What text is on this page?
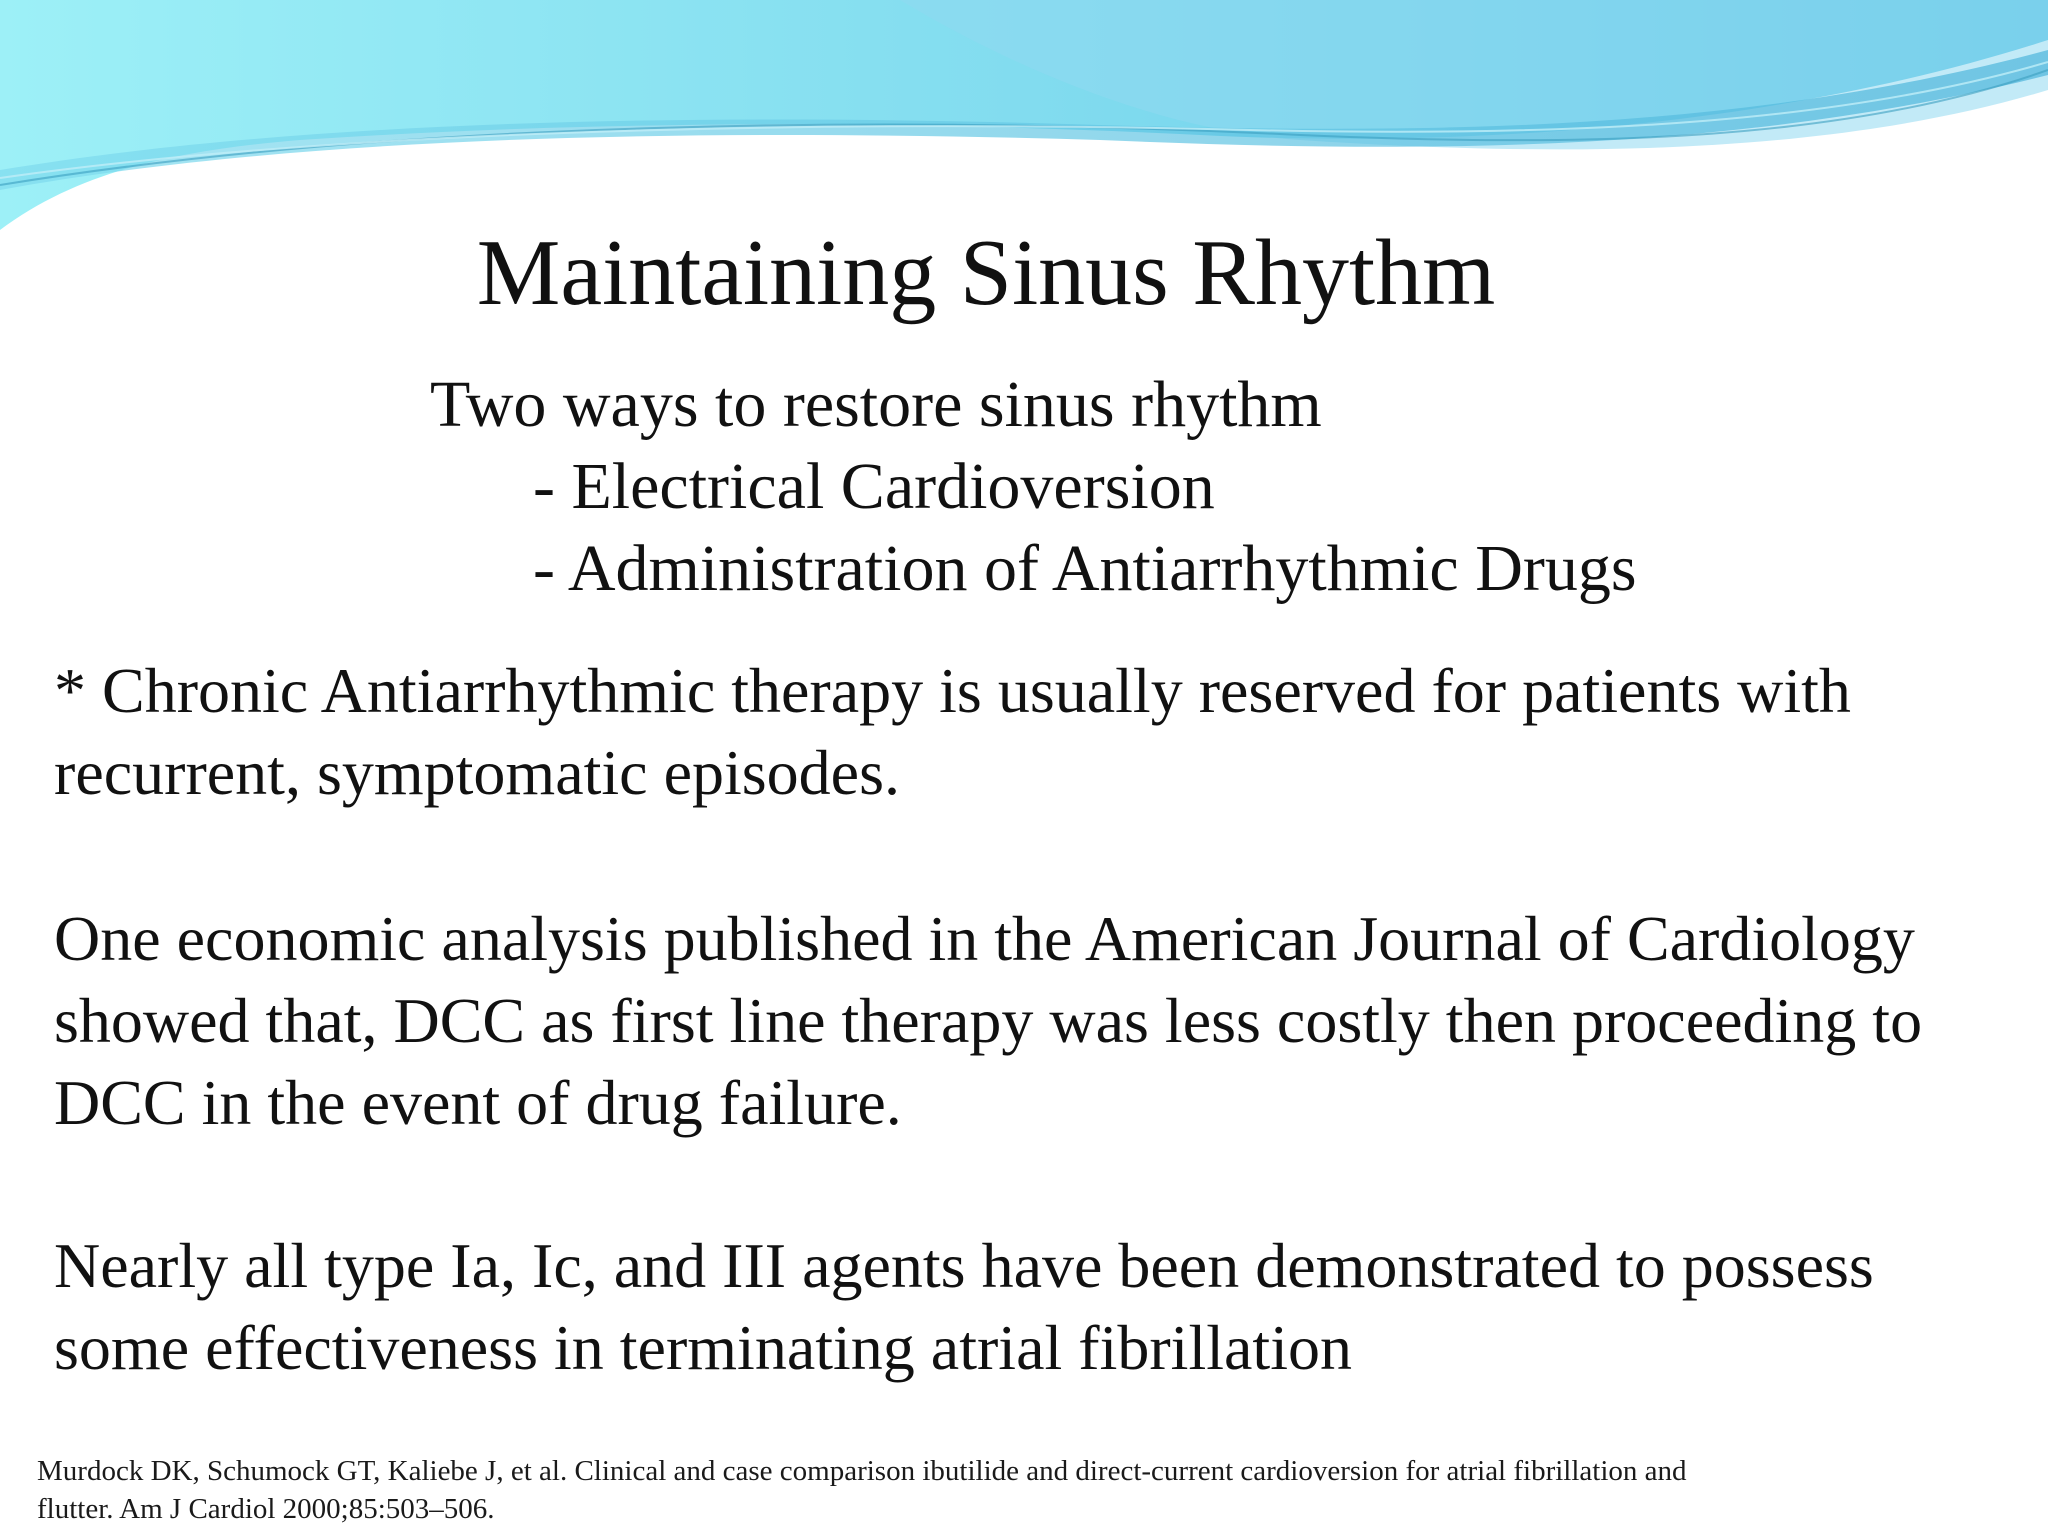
Maintaining Sinus Rhythm
Two ways to restore sinus rhythm
- Electrical Cardioversion
- Administration of Antiarrhythmic Drugs
* Chronic Antiarrhythmic therapy is usually reserved for patients with recurrent, symptomatic episodes.
One economic analysis published in the American Journal of Cardiology showed that, DCC as first line therapy was less costly then proceeding to DCC in the event of drug failure.
Nearly all type Ia, Ic, and III agents have been demonstrated to possess some effectiveness in terminating atrial fibrillation
Murdock DK, Schumock GT, Kaliebe J, et al. Clinical and case comparison ibutilide and direct-current cardioversion for atrial fibrillation and flutter. Am J Cardiol 2000;85:503–506.
